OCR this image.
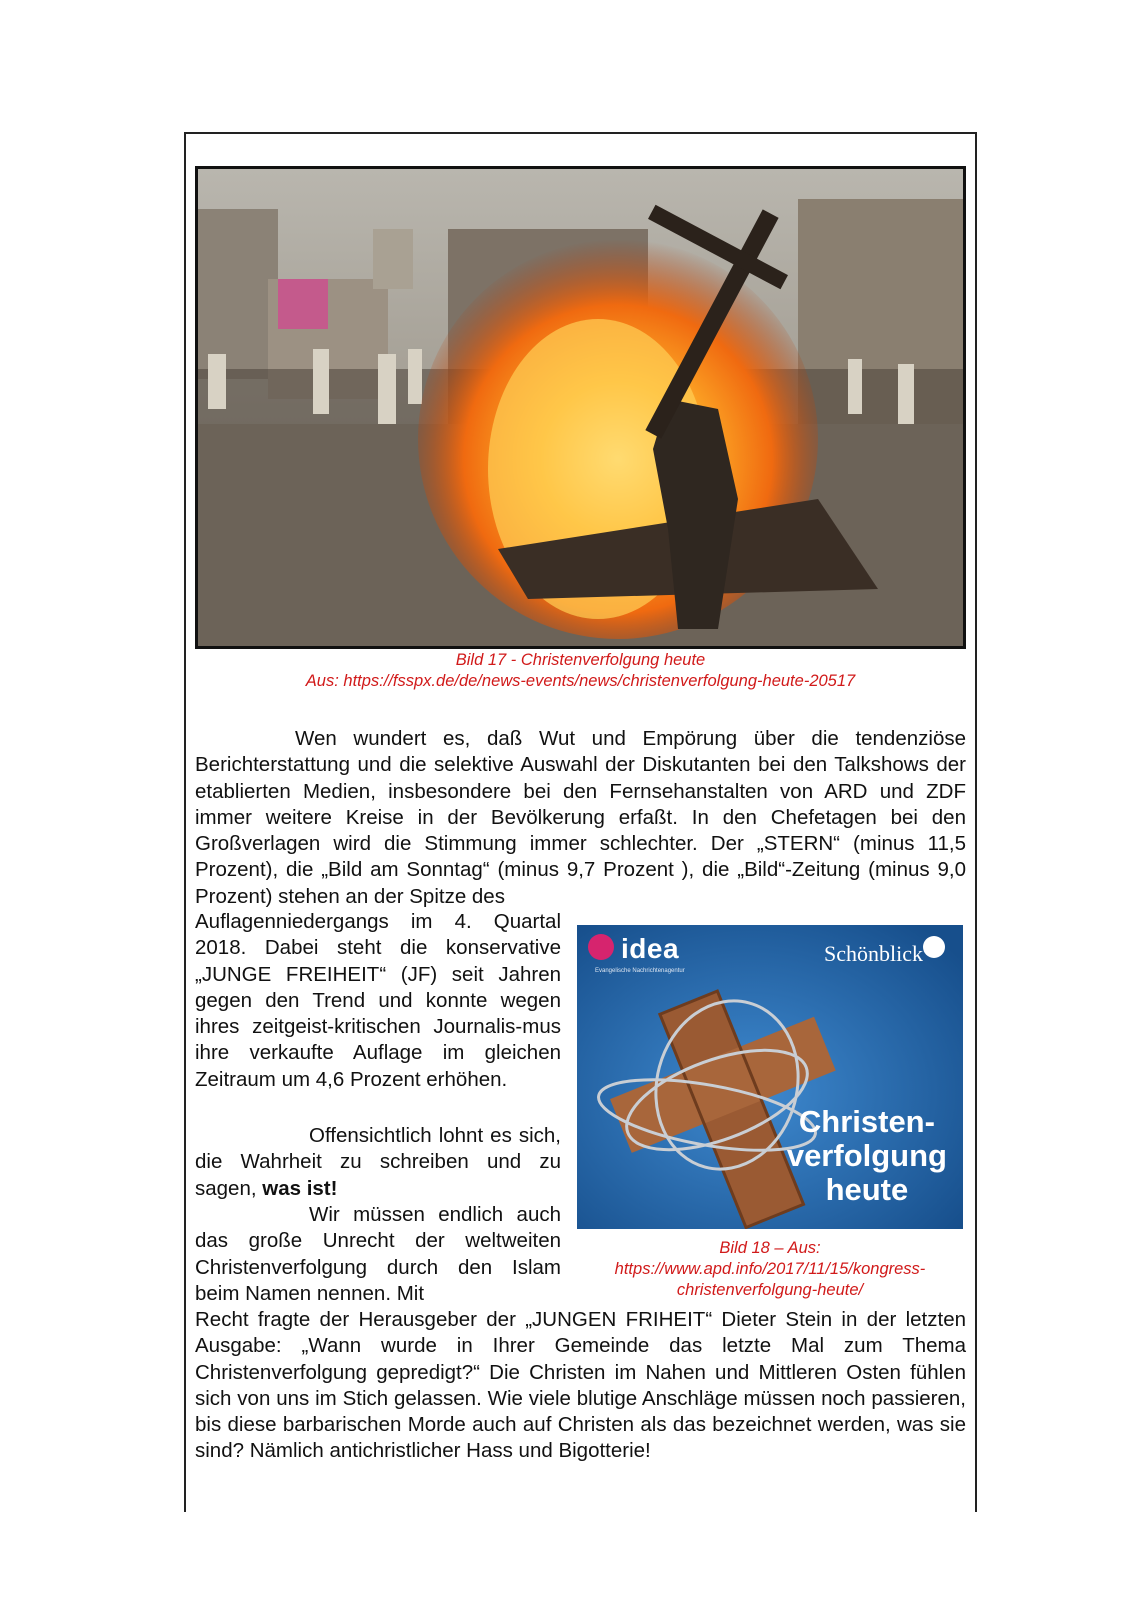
Bild 17 - Christenverfolgung heute
Aus: https://fsspx.de/de/news-events/news/christenverfolgung-heute-20517

Wen wundert es, daß Wut und Empörung über die tendenziöse Berichterstattung und die selektive Auswahl der Diskutanten bei den Talkshows der etablierten Medien, insbesondere bei den Fernsehanstalten von ARD und ZDF immer weitere Kreise in der Bevölkerung erfaßt. In den Chefetagen bei den Großverlagen wird die Stimmung immer schlechter. Der „STERN“ (minus 11,5 Prozent), die „Bild am Sonntag“ (minus 9,7 Prozent ), die „Bild“-Zeitung (minus 9,0 Prozent) stehen an der Spitze des

Auflagenniedergangs im 4. Quartal 2018. Dabei steht die konservative „JUNGE FREIHEIT“ (JF) seit Jahren gegen den Trend und konnte wegen ihres zeitgeist-kritischen Journalis-mus ihre verkaufte Auflage im gleichen Zeitraum um 4,6 Prozent erhöhen.

Offensichtlich lohnt es sich, die Wahrheit zu schreiben und zu sagen, was ist!

Wir müssen endlich auch das große Unrecht der weltweiten Christenverfolgung durch den Islam beim Namen nennen. Mit

Recht fragte der Herausgeber der „JUNGEN FRIHEIT“ Dieter Stein in der letzten Ausgabe: „Wann wurde in Ihrer Gemeinde das letzte Mal zum Thema Christenverfolgung gepredigt?“ Die Christen im Nahen und Mittleren Osten fühlen sich von uns im Stich gelassen. Wie viele blutige Anschläge müssen noch passieren, bis diese barbarischen Morde auch auf Christen als das bezeichnet werden, was sie sind? Nämlich antichristlicher Hass und Bigotterie!

idea
Evangelische Nachrichtenagentur
Schönblick
Christen-
verfolgung
heute
Bild 18 – Aus:
https://www.apd.info/2017/11/15/kongress-
christenverfolgung-heute/
